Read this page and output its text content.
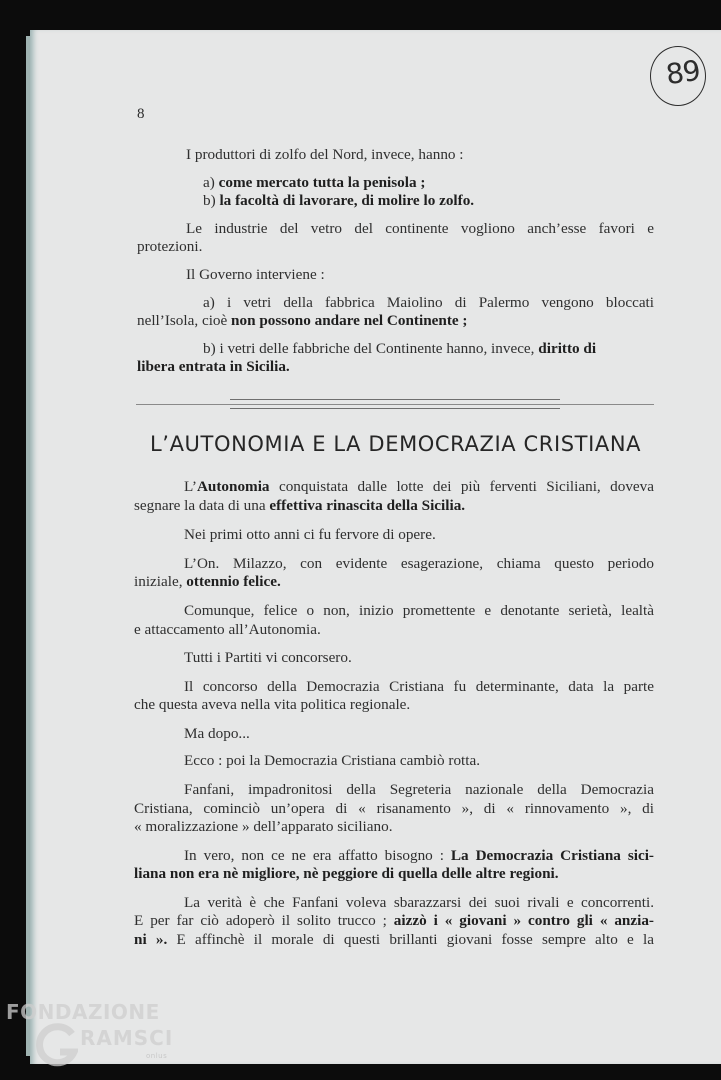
89
8
I produttori di zolfo del Nord, invece, hanno :
a) come mercato tutta la penisola ;
b) la facoltà di lavorare, di molire lo zolfo.
Le industrie del vetro del continente vogliono anch’esse favori e
protezioni.
Il Governo interviene :
a) i vetri della fabbrica Maiolino di Palermo vengono bloccati
nell’Isola, cioè non possono andare nel Continente ;
b) i vetri delle fabbriche del Continente hanno, invece, diritto di
libera entrata in Sicilia.
L’AUTONOMIA E LA DEMOCRAZIA CRISTIANA
L’Autonomia conquistata dalle lotte dei più ferventi Siciliani, doveva
segnare la data di una effettiva rinascita della Sicilia.
Nei primi otto anni ci fu fervore di opere.
L’On. Milazzo, con evidente esagerazione, chiama questo periodo
iniziale, ottennio felice.
Comunque, felice o non, inizio promettente e denotante serietà, lealtà
e attaccamento all’Autonomia.
Tutti i Partiti vi concorsero.
Il concorso della Democrazia Cristiana fu determinante, data la parte
che questa aveva nella vita politica regionale.
Ma dopo...
Ecco : poi la Democrazia Cristiana cambiò rotta.
Fanfani, impadronitosi della Segreteria nazionale della Democrazia
Cristiana, cominciò un’opera di « risanamento », di « rinnovamento », di
« moralizzazione » dell’apparato siciliano.
In vero, non ce ne era affatto bisogno : La Democrazia Cristiana sici-
liana non era nè migliore, nè peggiore di quella delle altre regioni.
La verità è che Fanfani voleva sbarazzarsi dei suoi rivali e concorrenti.
E per far ciò adoperò il solito trucco ; aizzò i « giovani » contro gli « anzia-
ni ». E affinchè il morale di questi brillanti giovani fosse sempre alto e la
FONDAZIONE
RAMSCI
onlus
